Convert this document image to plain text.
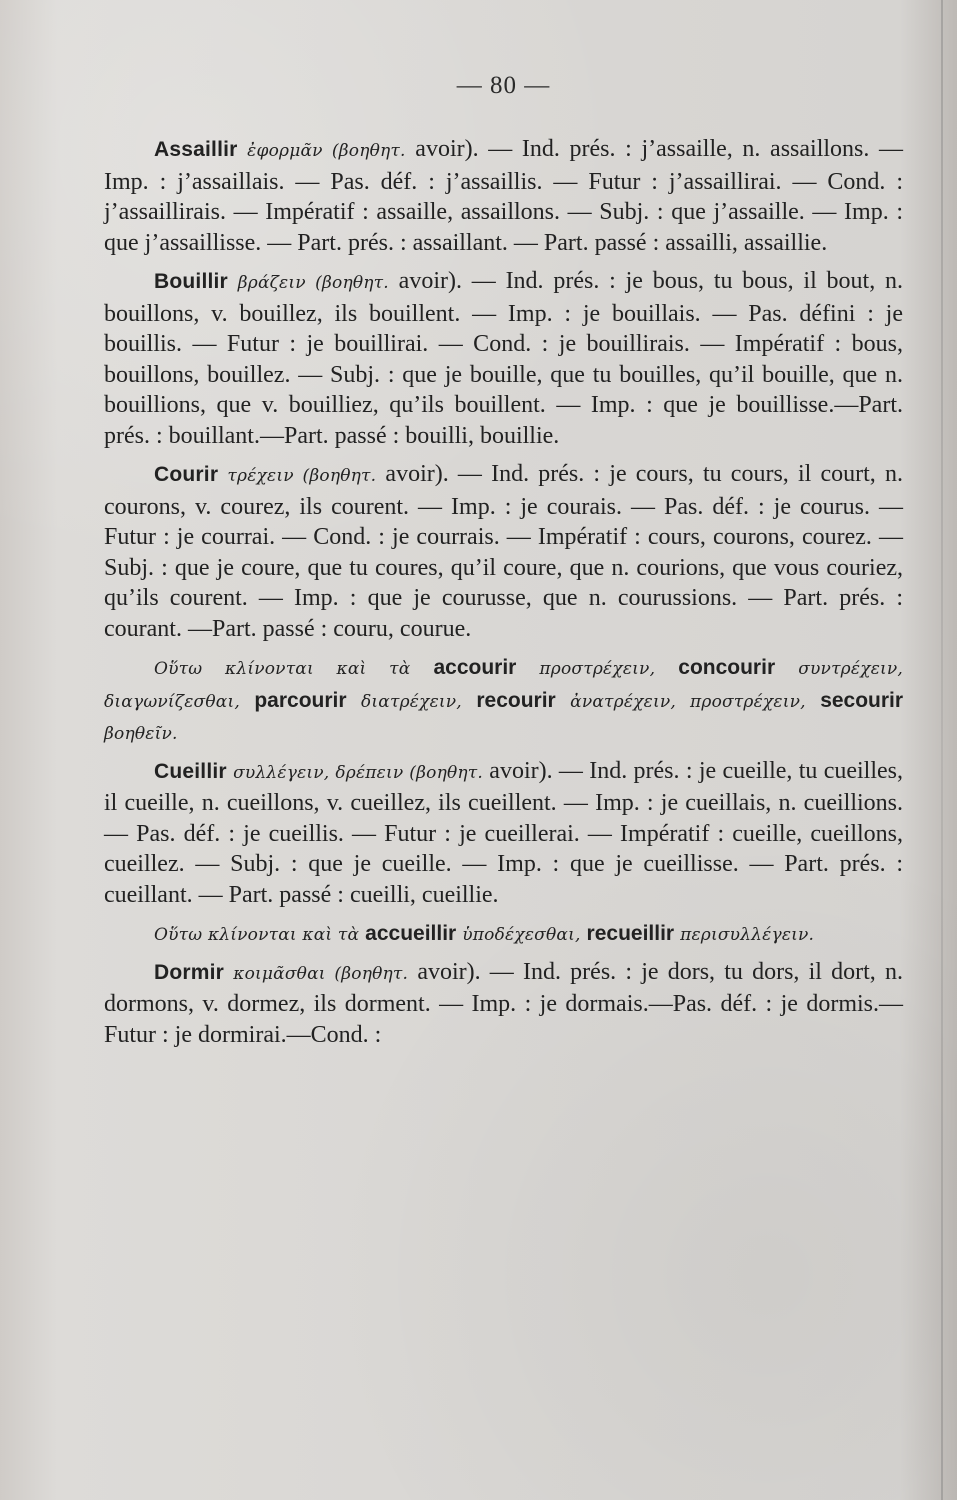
— 80 —

Assaillir ἐφορμᾶν (βοηθητ. avoir). — Ind. prés. : j’assaille, n. assaillons. — Imp. : j’assaillais. — Pas. déf. : j’assaillis. — Futur : j’assaillirai. — Cond. : j’assaillirais. — Impératif : assaille, assaillons. — Subj. : que j’assaille. — Imp. : que j’assaillisse. — Part. prés. : assaillant. — Part. passé : assailli, assaillie.

Bouillir βράζειν (βοηθητ. avoir). — Ind. prés. : je bous, tu bous, il bout, n. bouillons, v. bouillez, ils bouillent. — Imp. : je bouillais. — Pas. défini : je bouillis. — Futur : je bouillirai. — Cond. : je bouillirais. — Impératif : bous, bouillons, bouillez. — Subj. : que je bouille, que tu bouilles, qu’il bouille, que n. bouillions, que v. bouilliez, qu’ils bouillent. — Imp. : que je bouillisse.—Part. prés. : bouillant.—Part. passé : bouilli, bouillie.

Courir τρέχειν (βοηθητ. avoir). — Ind. prés. : je cours, tu cours, il court, n. courons, v. courez, ils courent. — Imp. : je courais. — Pas. déf. : je courus. — Futur : je courrai. — Cond. : je courrais. — Impératif : cours, courons, courez. — Subj. : que je coure, que tu coures, qu’il coure, que n. courions, que vous couriez, qu’ils courent. — Imp. : que je courusse, que n. courussions. — Part. prés. : courant. —Part. passé : couru, courue.

Οὕτω κλίνονται καὶ τὰ accourir προστρέχειν, concourir συντρέχειν, διαγωνίζεσθαι, parcourir διατρέχειν, recourir ἀνατρέχειν, προστρέχειν, secourir βοηθεῖν.

Cueillir συλλέγειν, δρέπειν (βοηθητ. avoir). — Ind. prés. : je cueille, tu cueilles, il cueille, n. cueillons, v. cueillez, ils cueillent. — Imp. : je cueillais, n. cueillions. — Pas. déf. : je cueillis. — Futur : je cueillerai. — Impératif : cueille, cueillons, cueillez. — Subj. : que je cueille. — Imp. : que je cueillisse. — Part. prés. : cueillant. — Part. passé : cueilli, cueillie.

Οὕτω κλίνονται καὶ τὰ accueillir ὑποδέχεσθαι, recueillir περισυλλέγειν.

Dormir κοιμᾶσθαι (βοηθητ. avoir). — Ind. prés. : je dors, tu dors, il dort, n. dormons, v. dormez, ils dorment. — Imp. : je dormais.—Pas. déf. : je dormis.—Futur : je dormirai.—Cond. :
